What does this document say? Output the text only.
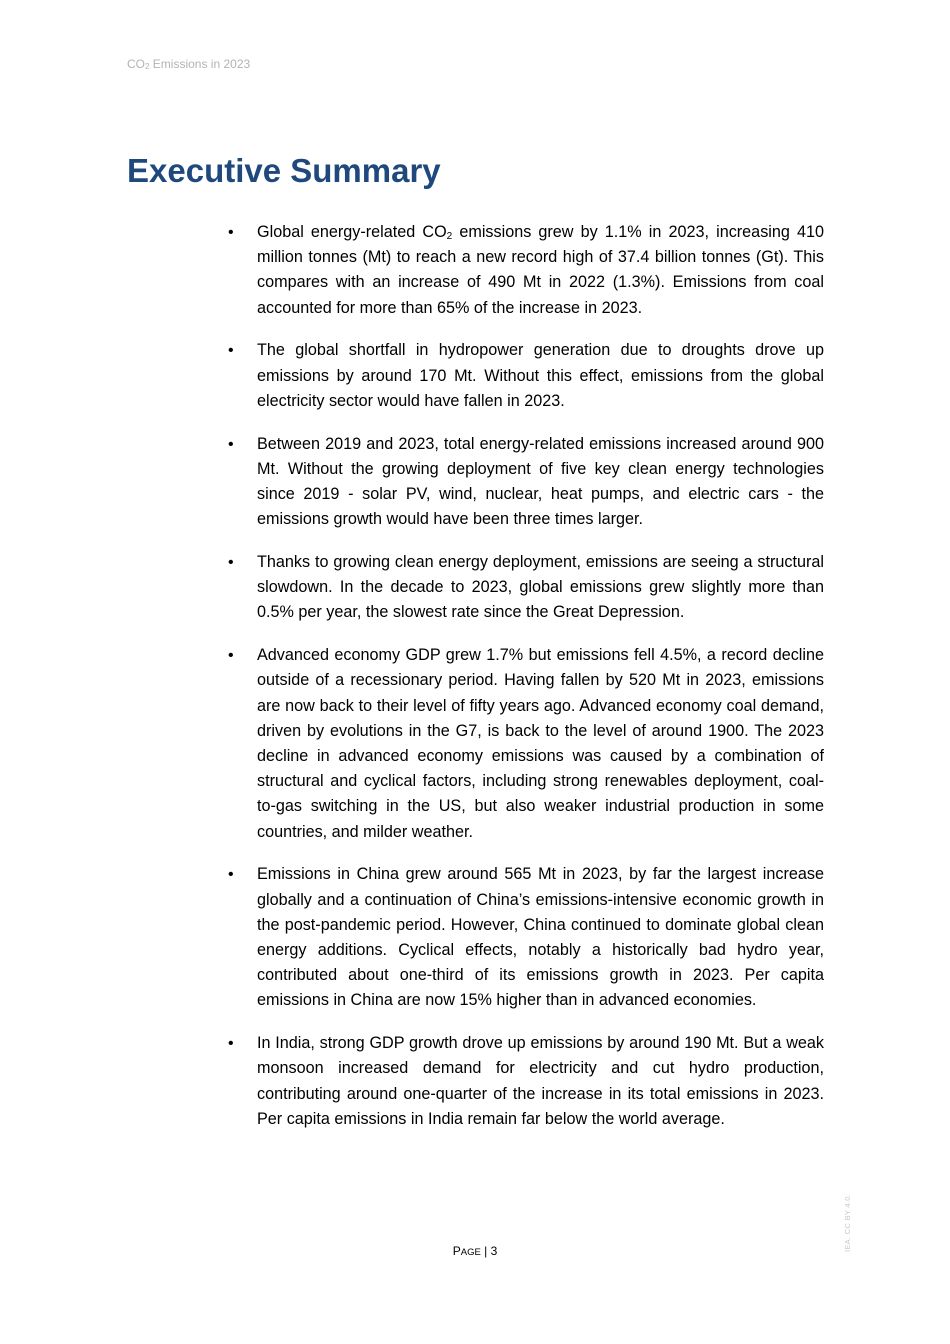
$CO_2$ Emissions in 2023
Executive Summary
• Global energy-related $CO_2$ emissions grew by 1.1% in 2023, increasing 410 million tonnes (Mt) to reach a new record high of 37.4 billion tonnes (Gt). This compares with an increase of 490 Mt in 2022 (1.3%). Emissions from coal accounted for more than 65% of the increase in 2023.
• The global shortfall in hydropower generation due to droughts drove up emissions by around 170 Mt. Without this effect, emissions from the global electricity sector would have fallen in 2023.
• Between 2019 and 2023, total energy-related emissions increased around 900 Mt. Without the growing deployment of five key clean energy technologies since 2019 - solar PV, wind, nuclear, heat pumps, and electric cars - the emissions growth would have been three times larger.
• Thanks to growing clean energy deployment, emissions are seeing a structural slowdown. In the decade to 2023, global emissions grew slightly more than 0.5% per year, the slowest rate since the Great Depression.
• Advanced economy GDP grew 1.7% but emissions fell 4.5%, a record decline outside of a recessionary period. Having fallen by 520 Mt in 2023, emissions are now back to their level of fifty years ago. Advanced economy coal demand, driven by evolutions in the G7, is back to the level of around 1900. The 2023 decline in advanced economy emissions was caused by a combination of structural and cyclical factors, including strong renewables deployment, coal-to-gas switching in the US, but also weaker industrial production in some countries, and milder weather.
• Emissions in China grew around 565 Mt in 2023, by far the largest increase globally and a continuation of China’s emissions-intensive economic growth in the post-pandemic period. However, China continued to dominate global clean energy additions. Cyclical effects, notably a historically bad hydro year, contributed about one-third of its emissions growth in 2023. Per capita emissions in China are now 15% higher than in advanced economies.
• In India, strong GDP growth drove up emissions by around 190 Mt. But a weak monsoon increased demand for electricity and cut hydro production, contributing around one-quarter of the increase in its total emissions in 2023. Per capita emissions in India remain far below the world average.
IEA. CC BY 4.0.
PAGE | 3
